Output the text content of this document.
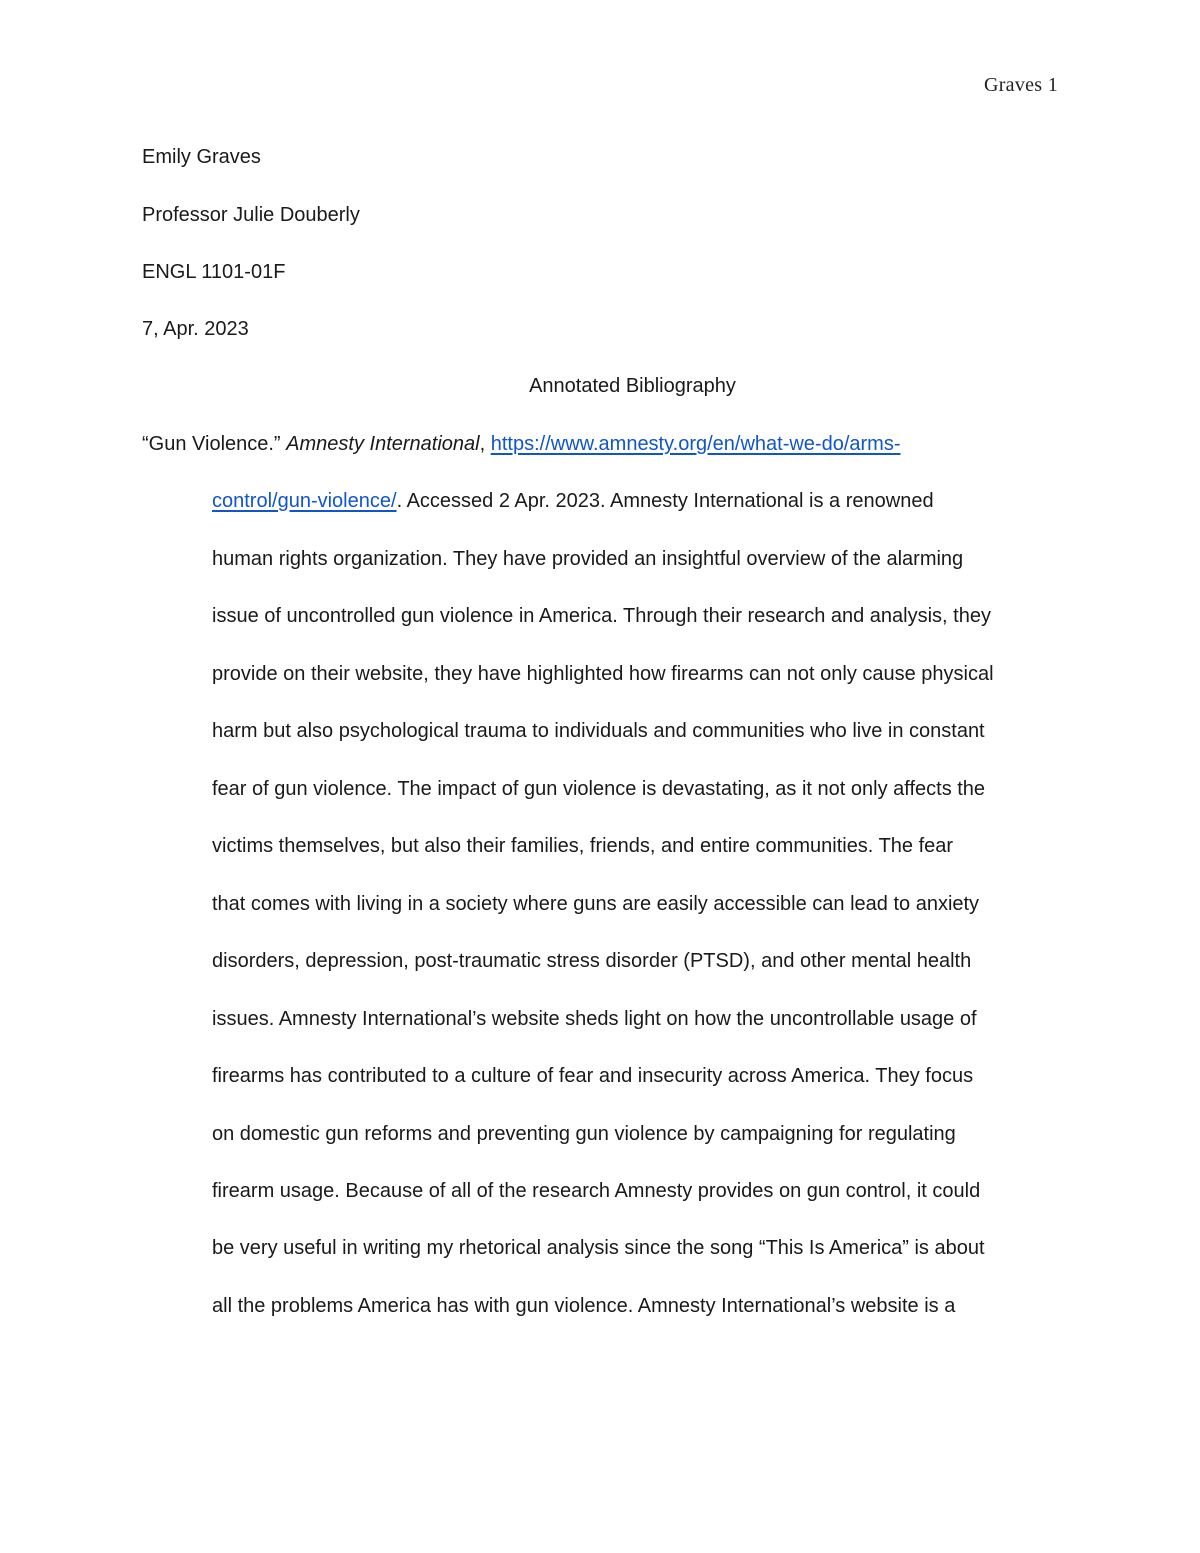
Graves 1
Emily Graves
Professor Julie Douberly
ENGL 1101-01F
7, Apr. 2023
Annotated Bibliography
“Gun Violence.” Amnesty International, https://www.amnesty.org/en/what-we-do/arms-
control/gun-violence/. Accessed 2 Apr. 2023. Amnesty International is a renowned
human rights organization. They have provided an insightful overview of the alarming
issue of uncontrolled gun violence in America. Through their research and analysis, they
provide on their website, they have highlighted how firearms can not only cause physical
harm but also psychological trauma to individuals and communities who live in constant
fear of gun violence. The impact of gun violence is devastating, as it not only affects the
victims themselves, but also their families, friends, and entire communities. The fear
that comes with living in a society where guns are easily accessible can lead to anxiety
disorders, depression, post-traumatic stress disorder (PTSD), and other mental health
issues. Amnesty International’s website sheds light on how the uncontrollable usage of
firearms has contributed to a culture of fear and insecurity across America. They focus
on domestic gun reforms and preventing gun violence by campaigning for regulating
firearm usage. Because of all of the research Amnesty provides on gun control, it could
be very useful in writing my rhetorical analysis since the song “This Is America” is about
all the problems America has with gun violence. Amnesty International’s website is a
